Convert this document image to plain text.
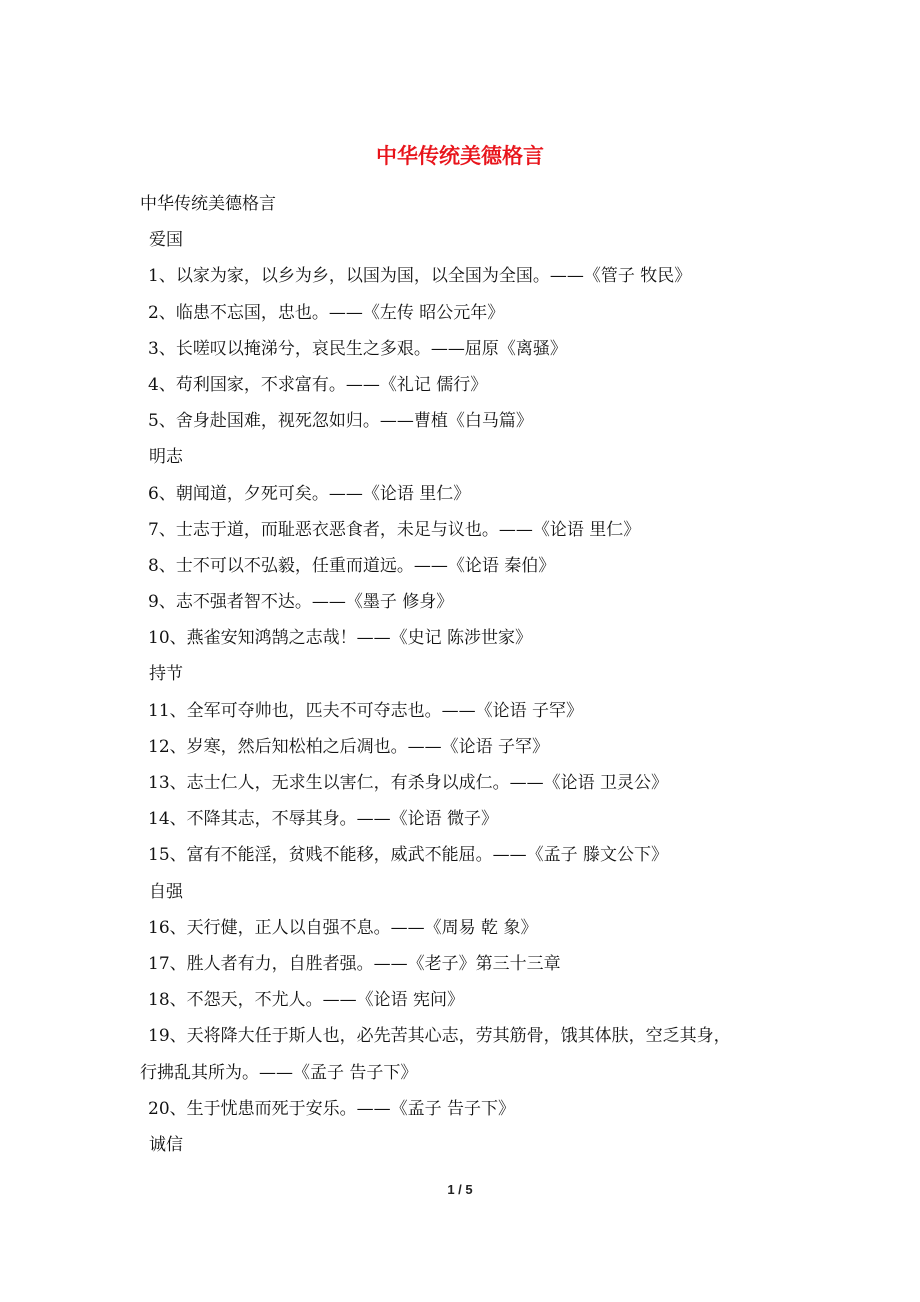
中华传统美德格言
中华传统美德格言
爱国
1、以家为家，以乡为乡，以国为国，以全国为全国。——《管子 牧民》
2、临患不忘国，忠也。——《左传 昭公元年》
3、长嗟叹以掩涕兮，哀民生之多艰。——屈原《离骚》
4、苟利国家，不求富有。——《礼记 儒行》
5、舍身赴国难，视死忽如归。——曹植《白马篇》
明志
6、朝闻道，夕死可矣。——《论语 里仁》
7、士志于道，而耻恶衣恶食者，未足与议也。——《论语 里仁》
8、士不可以不弘毅，任重而道远。——《论语 秦伯》
9、志不强者智不达。——《墨子 修身》
10、燕雀安知鸿鹄之志哉！——《史记 陈涉世家》
持节
11、全军可夺帅也，匹夫不可夺志也。——《论语 子罕》
12、岁寒，然后知松柏之后凋也。——《论语 子罕》
13、志士仁人，无求生以害仁，有杀身以成仁。——《论语 卫灵公》
14、不降其志，不辱其身。——《论语 微子》
15、富有不能淫，贫贱不能移，威武不能屈。——《孟子 滕文公下》
自强
16、天行健，正人以自强不息。——《周易 乾 象》
17、胜人者有力，自胜者强。——《老子》第三十三章
18、不怨天，不尤人。——《论语 宪问》
19、天将降大任于斯人也，必先苦其心志，劳其筋骨，饿其体肤，空乏其身，
行拂乱其所为。——《孟子 告子下》
20、生于忧患而死于安乐。——《孟子 告子下》
诚信
1 / 5
